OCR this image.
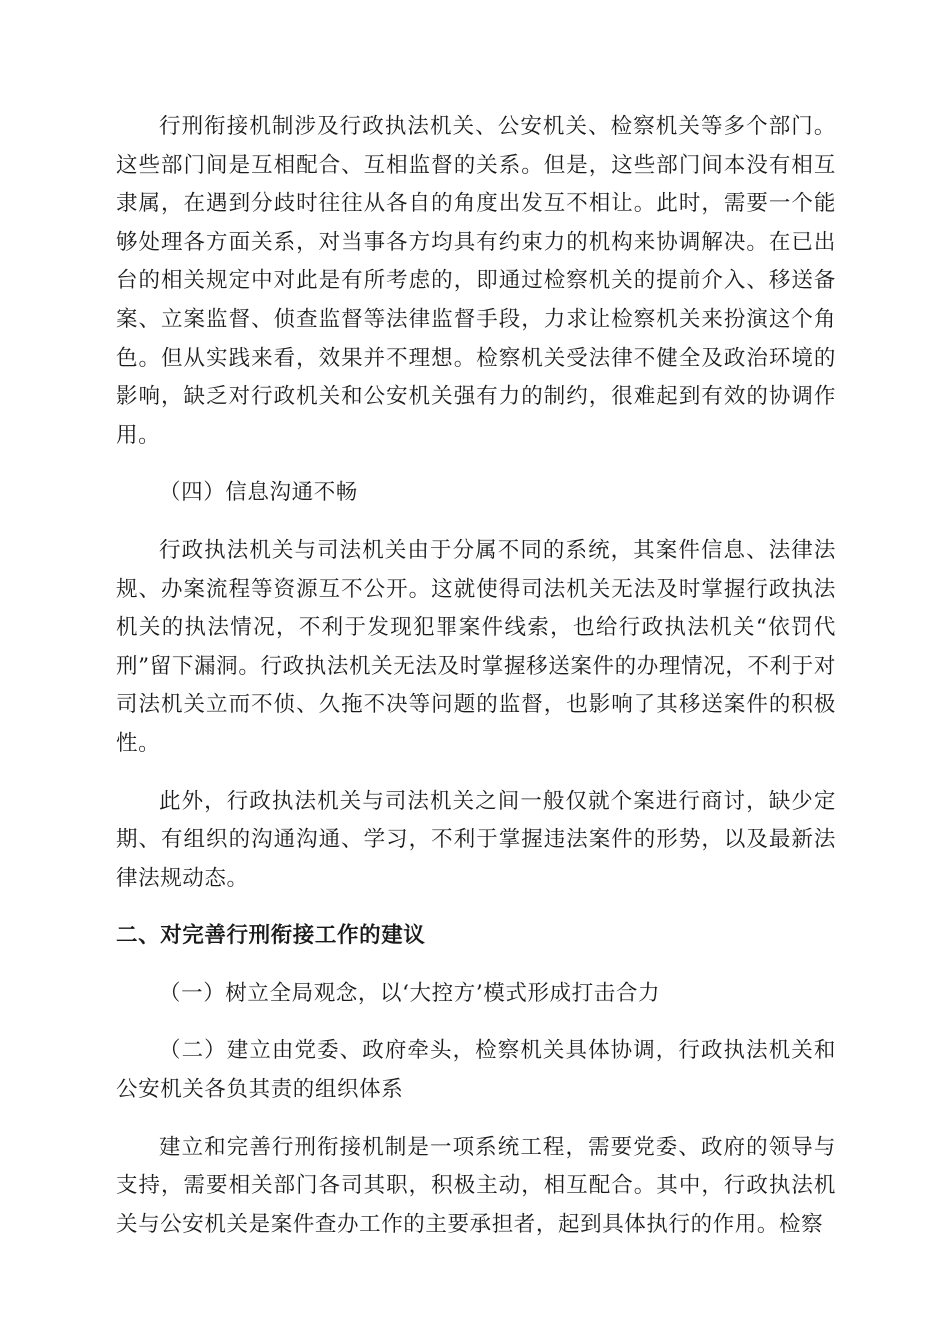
行刑衔接机制涉及行政执法机关、公安机关、检察机关等多个部门。这些部门间是互相配合、互相监督的关系。但是，这些部门间本没有相互隶属，在遇到分歧时往往从各自的角度出发互不相让。此时，需要一个能够处理各方面关系，对当事各方均具有约束力的机构来协调解决。在已出台的相关规定中对此是有所考虑的，即通过检察机关的提前介入、移送备案、立案监督、侦查监督等法律监督手段，力求让检察机关来扮演这个角色。但从实践来看，效果并不理想。检察机关受法律不健全及政治环境的影响，缺乏对行政机关和公安机关强有力的制约，很难起到有效的协调作用。

（四）信息沟通不畅

行政执法机关与司法机关由于分属不同的系统，其案件信息、法律法规、办案流程等资源互不公开。这就使得司法机关无法及时掌握行政执法机关的执法情况，不利于发现犯罪案件线索，也给行政执法机关“依罚代刑”留下漏洞。行政执法机关无法及时掌握移送案件的办理情况，不利于对司法机关立而不侦、久拖不决等问题的监督，也影响了其移送案件的积极性。

此外，行政执法机关与司法机关之间一般仅就个案进行商讨，缺少定期、有组织的沟通沟通、学习，不利于掌握违法案件的形势，以及最新法律法规动态。

二、对完善行刑衔接工作的建议

（一）树立全局观念，以‘大控方’模式形成打击合力

（二）建立由党委、政府牵头，检察机关具体协调，行政执法机关和公安机关各负其责的组织体系

建立和完善行刑衔接机制是一项系统工程，需要党委、政府的领导与支持，需要相关部门各司其职，积极主动，相互配合。其中，行政执法机关与公安机关是案件查办工作的主要承担者，起到具体执行的作用。检察
